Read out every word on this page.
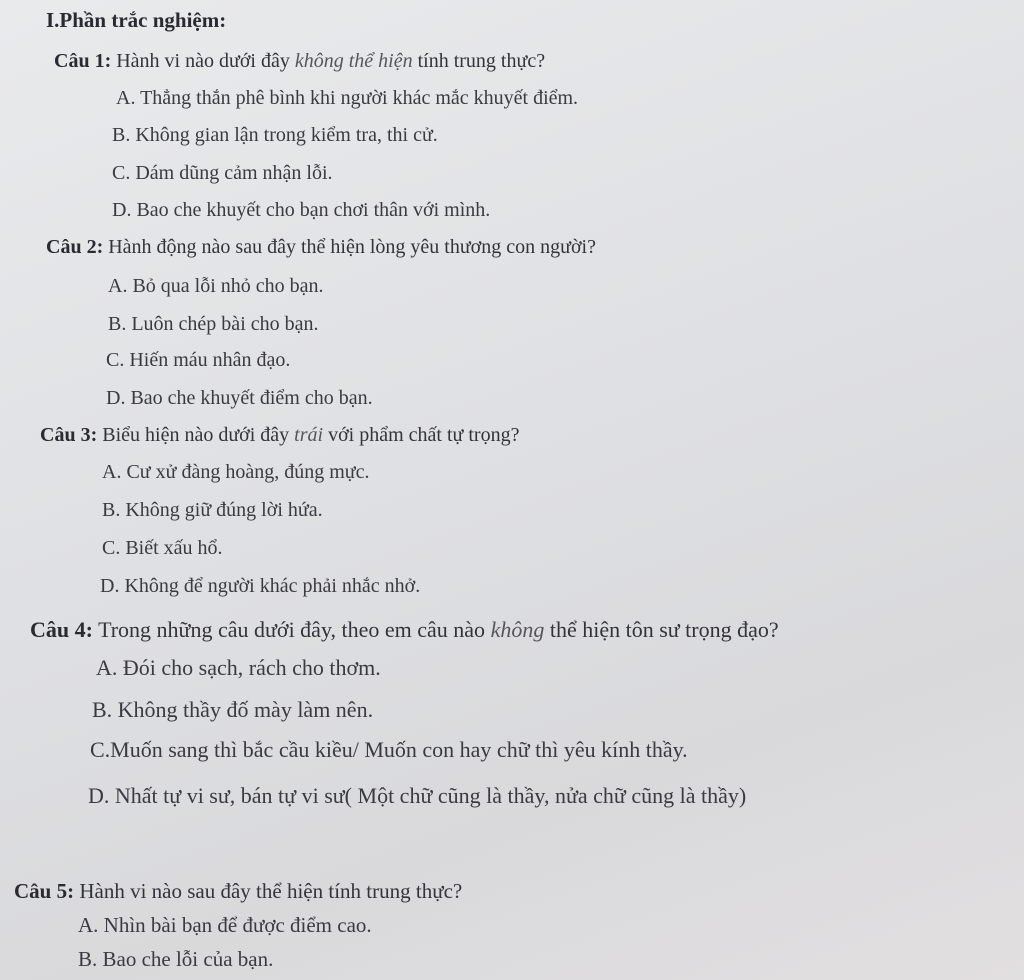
I.Phần trắc nghiệm:
Câu 1: Hành vi nào dưới đây không thể hiện tính trung thực?
A. Thẳng thắn phê bình khi người khác mắc khuyết điểm.
B. Không gian lận trong kiểm tra, thi cử.
C. Dám dũng cảm nhận lỗi.
D. Bao che khuyết cho bạn chơi thân với mình.
Câu 2: Hành động nào sau đây thể hiện lòng yêu thương con người?
A. Bỏ qua lỗi nhỏ cho bạn.
B. Luôn chép bài cho bạn.
C. Hiến máu nhân đạo.
D. Bao che khuyết điểm cho bạn.
Câu 3: Biểu hiện nào dưới đây trái với phẩm chất tự trọng?
A. Cư xử đàng hoàng, đúng mực.
B. Không giữ đúng lời hứa.
C. Biết xấu hổ.
D. Không để người khác phải nhắc nhở.
Câu 4: Trong những câu dưới đây, theo em câu nào không thể hiện tôn sư trọng đạo?
A. Đói cho sạch, rách cho thơm.
B. Không thầy đố mày làm nên.
C.Muốn sang thì bắc cầu kiều/ Muốn con hay chữ thì yêu kính thầy.
D. Nhất tự vi sư, bán tự vi sư( Một chữ cũng là thầy, nửa chữ cũng là thầy)
Câu 5: Hành vi nào sau đây thể hiện tính trung thực?
A. Nhìn bài bạn để được điểm cao.
B. Bao che lỗi của bạn.
